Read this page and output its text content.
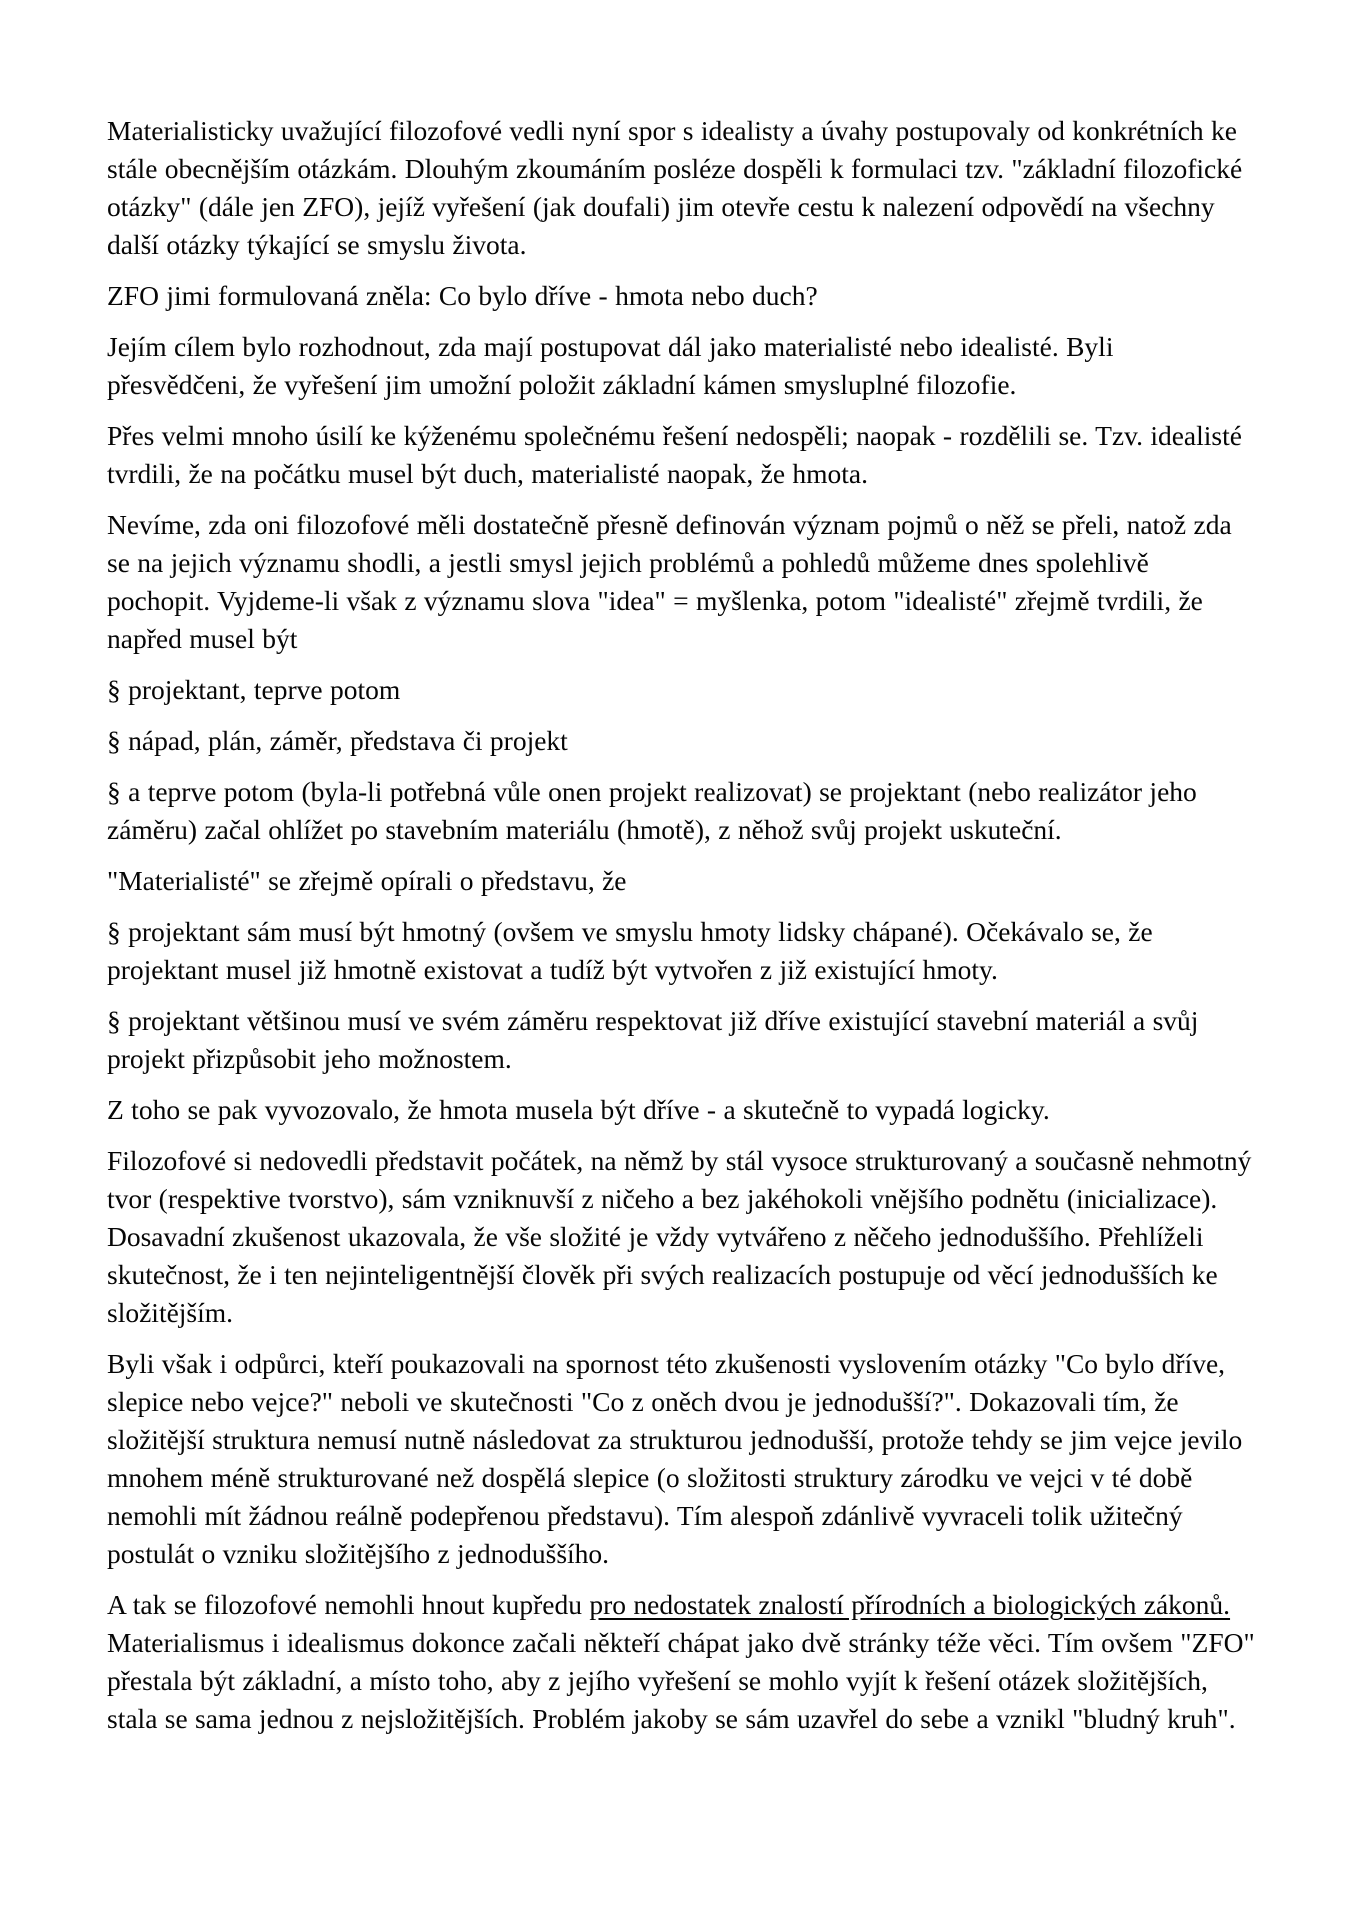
Materialisticky uvažující filozofové vedli nyní spor s idealisty a úvahy postupovaly od konkrétních ke stále obecnějším otázkám. Dlouhým zkoumáním posléze dospěli k formulaci tzv. "základní filozofické otázky" (dále jen ZFO), jejíž vyřešení (jak doufali) jim otevře cestu k nalezení odpovědí na všechny další otázky týkající se smyslu života.

ZFO jimi formulovaná zněla: Co bylo dříve - hmota nebo duch?

Jejím cílem bylo rozhodnout, zda mají postupovat dál jako materialisté nebo idealisté. Byli přesvědčeni, že vyřešení jim umožní položit základní kámen smysluplné filozofie.

Přes velmi mnoho úsilí ke kýženému společnému řešení nedospěli; naopak - rozdělili se. Tzv. idealisté tvrdili, že na počátku musel být duch, materialisté naopak, že hmota.

Nevíme, zda oni filozofové měli dostatečně přesně definován význam pojmů o něž se přeli, natož zda se na jejich významu shodli, a jestli smysl jejich problémů a pohledů můžeme dnes spolehlivě pochopit. Vyjdeme-li však z významu slova "idea" = myšlenka, potom "idealisté" zřejmě tvrdili, že napřed musel být

§ projektant, teprve potom

§ nápad, plán, záměr, představa či projekt

§ a teprve potom (byla-li potřebná vůle onen projekt realizovat) se projektant (nebo realizátor jeho záměru) začal ohlížet po stavebním materiálu (hmotě), z něhož svůj projekt uskuteční.

"Materialisté" se zřejmě opírali o představu, že

§ projektant sám musí být hmotný (ovšem ve smyslu hmoty lidsky chápané). Očekávalo se, že projektant musel již hmotně existovat a tudíž být vytvořen z již existující hmoty.

§ projektant většinou musí ve svém záměru respektovat již dříve existující stavební materiál a svůj projekt přizpůsobit jeho možnostem.

Z toho se pak vyvozovalo, že hmota musela být dříve - a skutečně to vypadá logicky.

Filozofové si nedovedli představit počátek, na němž by stál vysoce strukturovaný a současně nehmotný tvor (respektive tvorstvo), sám vzniknuvší z ničeho a bez jakéhokoli vnějšího podnětu (inicializace). Dosavadní zkušenost ukazovala, že vše složité je vždy vytvářeno z něčeho jednoduššího. Přehlíželi skutečnost, že i ten nejinteligentnější člověk při svých realizacích postupuje od věcí jednodušších ke složitějším.

Byli však i odpůrci, kteří poukazovali na spornost této zkušenosti vyslovením otázky "Co bylo dříve, slepice nebo vejce?" neboli ve skutečnosti "Co z oněch dvou je jednodušší?". Dokazovali tím, že složitější struktura nemusí nutně následovat za strukturou jednodušší, protože tehdy se jim vejce jevilo mnohem méně strukturované než dospělá slepice (o složitosti struktury zárodku ve vejci v té době nemohli mít žádnou reálně podepřenou představu). Tím alespoň zdánlivě vyvraceli tolik užitečný postulát o vzniku složitějšího z jednoduššího.

A tak se filozofové nemohli hnout kupředu pro nedostatek znalostí přírodních a biologických zákonů. Materialismus i idealismus dokonce začali někteří chápat jako dvě stránky téže věci. Tím ovšem "ZFO" přestala být základní, a místo toho, aby z jejího vyřešení se mohlo vyjít k řešení otázek složitějších, stala se sama jednou z nejsložitějších. Problém jakoby se sám uzavřel do sebe a vznikl "bludný kruh".
